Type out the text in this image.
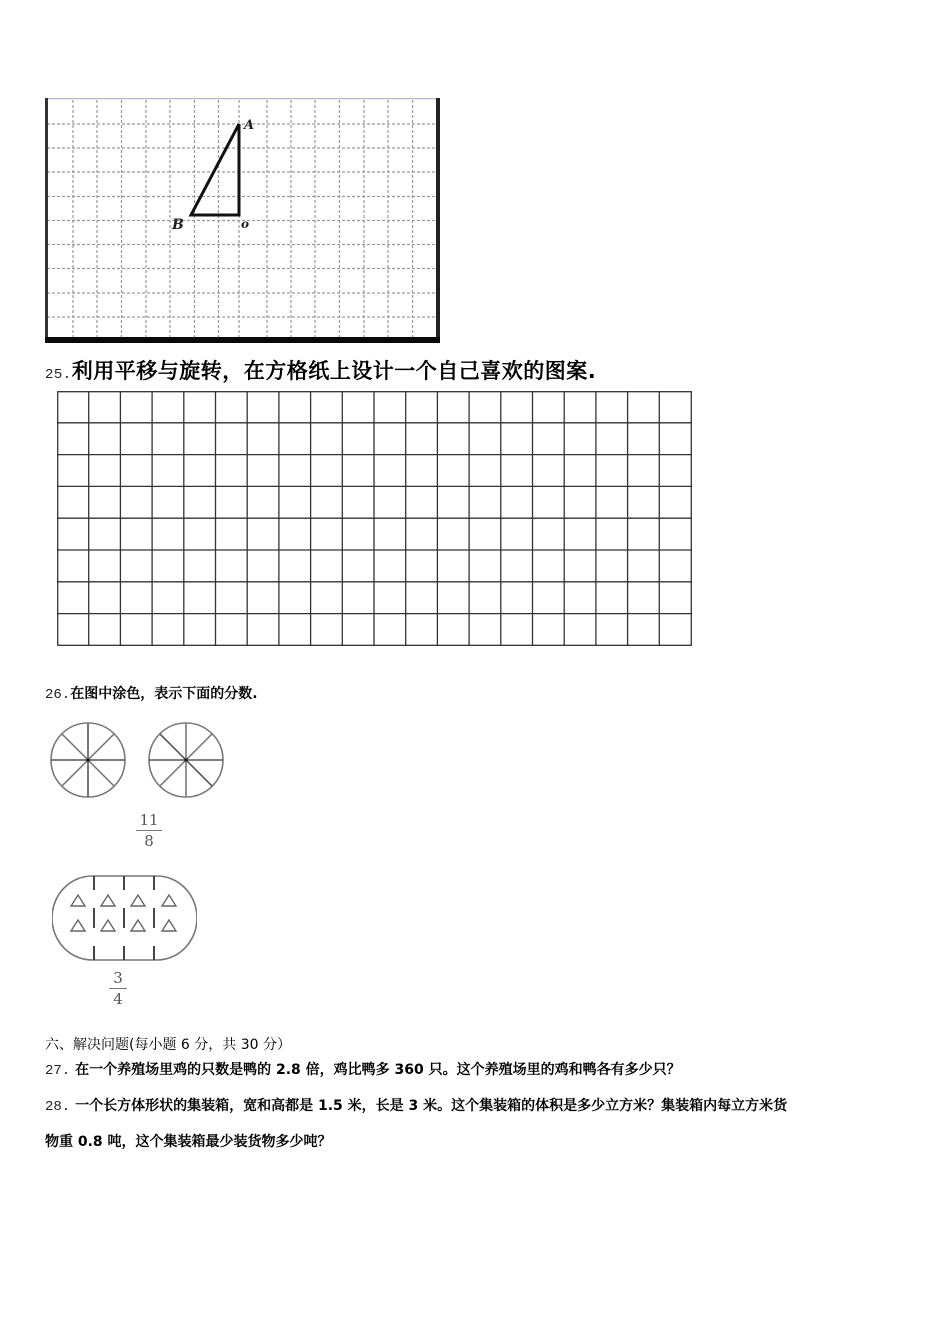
A
B	o
25.利用平移与旋转，在方格纸上设计一个自己喜欢的图案.
26.在图中涂色，表示下面的分数.
11
8
3
4
六、解决问题(每小题 6 分，共 30 分）
27. 在一个养殖场里鸡的只数是鸭的 2.8 倍，鸡比鸭多 360 只。这个养殖场里的鸡和鸭各有多少只？
28. 一个长方体形状的集装箱，宽和高都是 1.5 米，长是 3 米。这个集装箱的体积是多少立方米？集装箱内每立方米货
物重 0.8 吨，这个集装箱最少装货物多少吨？
